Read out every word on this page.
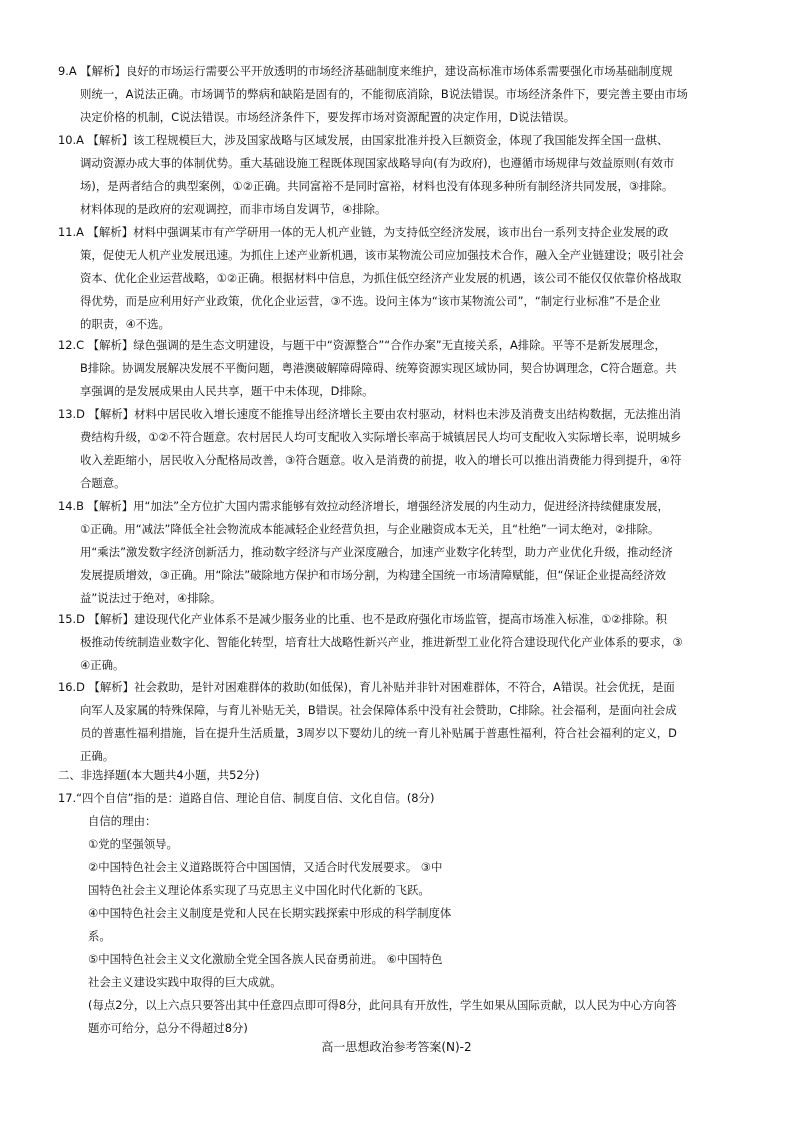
9.A 【解析】良好的市场运行需要公平开放透明的市场经济基础制度来维护，建设高标准市场体系需要强化市场基础制度规
则统一，A说法正确。市场调节的弊病和缺陷是固有的，不能彻底消除，B说法错误。市场经济条件下，要完善主要由市场
决定价格的机制，C说法错误。市场经济条件下，要发挥市场对资源配置的决定作用，D说法错误。
10.A 【解析】该工程规模巨大，涉及国家战略与区域发展，由国家批准并投入巨额资金，体现了我国能发挥全国一盘棋、
调动资源办成大事的体制优势。重大基础设施工程既体现国家战略导向(有为政府)，也遵循市场规律与效益原则(有效市
场)，是两者结合的典型案例，①②正确。共同富裕不是同时富裕，材料也没有体现多种所有制经济共同发展，③排除。
材料体现的是政府的宏观调控，而非市场自发调节，④排除。
11.A 【解析】材料中强调某市有产学研用一体的无人机产业链，为支持低空经济发展，该市出台一系列支持企业发展的政
策，促使无人机产业发展迅速。为抓住上述产业新机遇，该市某物流公司应加强技术合作，融入全产业链建设；吸引社会
资本、优化企业运营战略，①②正确。根据材料中信息，为抓住低空经济产业发展的机遇，该公司不能仅仅依靠价格战取
得优势，而是应利用好产业政策，优化企业运营，③不选。设问主体为“该市某物流公司”，“制定行业标准”不是企业
的职责，④不选。
12.C 【解析】绿色强调的是生态文明建设，与题干中“资源整合”“合作办案”无直接关系，A排除。平等不是新发展理念，
B排除。协调发展解决发展不平衡问题，粤港澳破解障碍障碍、统筹资源实现区域协同，契合协调理念，C符合题意。共
享强调的是发展成果由人民共享，题干中未体现，D排除。
13.D 【解析】材料中居民收入增长速度不能推导出经济增长主要由农村驱动，材料也未涉及消费支出结构数据，无法推出消
费结构升级，①②不符合题意。农村居民人均可支配收入实际增长率高于城镇居民人均可支配收入实际增长率，说明城乡
收入差距缩小，居民收入分配格局改善，③符合题意。收入是消费的前提，收入的增长可以推出消费能力得到提升，④符
合题意。
14.B 【解析】用“加法”全方位扩大国内需求能够有效拉动经济增长，增强经济发展的内生动力，促进经济持续健康发展，
①正确。用“减法”降低全社会物流成本能减轻企业经营负担，与企业融资成本无关，且“杜绝”一词太绝对，②排除。
用“乘法”激发数字经济创新活力，推动数字经济与产业深度融合，加速产业数字化转型，助力产业优化升级，推动经济
发展提质增效，③正确。用“除法”破除地方保护和市场分割，为构建全国统一市场清障赋能，但“保证企业提高经济效
益”说法过于绝对，④排除。
15.D 【解析】建设现代化产业体系不是减少服务业的比重、也不是政府强化市场监管，提高市场准入标准，①②排除。积
极推动传统制造业数字化、智能化转型，培育壮大战略性新兴产业，推进新型工业化符合建设现代化产业体系的要求，③
④正确。
16.D 【解析】社会救助，是针对困难群体的救助(如低保)，育儿补贴并非针对困难群体，不符合，A错误。社会优抚，是面
向军人及家属的特殊保障，与育儿补贴无关，B错误。社会保障体系中没有社会赞助，C排除。社会福利，是面向社会成
员的普惠性福利措施，旨在提升生活质量，3周岁以下婴幼儿的统一育儿补贴属于普惠性福利，符合社会福利的定义，D
正确。
二、非选择题(本大题共4小题，共52分)
17.“四个自信”指的是：道路自信、理论自信、制度自信、文化自信。(8分)
自信的理由：
①党的坚强领导。
②中国特色社会主义道路既符合中国国情，又适合时代发展要求。 ③中
国特色社会主义理论体系实现了马克思主义中国化时代化新的飞跃。
④中国特色社会主义制度是党和人民在长期实践探索中形成的科学制度体
系。
⑤中国特色社会主义文化激励全党全国各族人民奋勇前进。 ⑥中国特色
社会主义建设实践中取得的巨大成就。
(每点2分，以上六点只要答出其中任意四点即可得8分，此问具有开放性，学生如果从国际贡献，以人民为中心方向答
题亦可给分，总分不得超过8分)
高一思想政治参考答案(N)-2
